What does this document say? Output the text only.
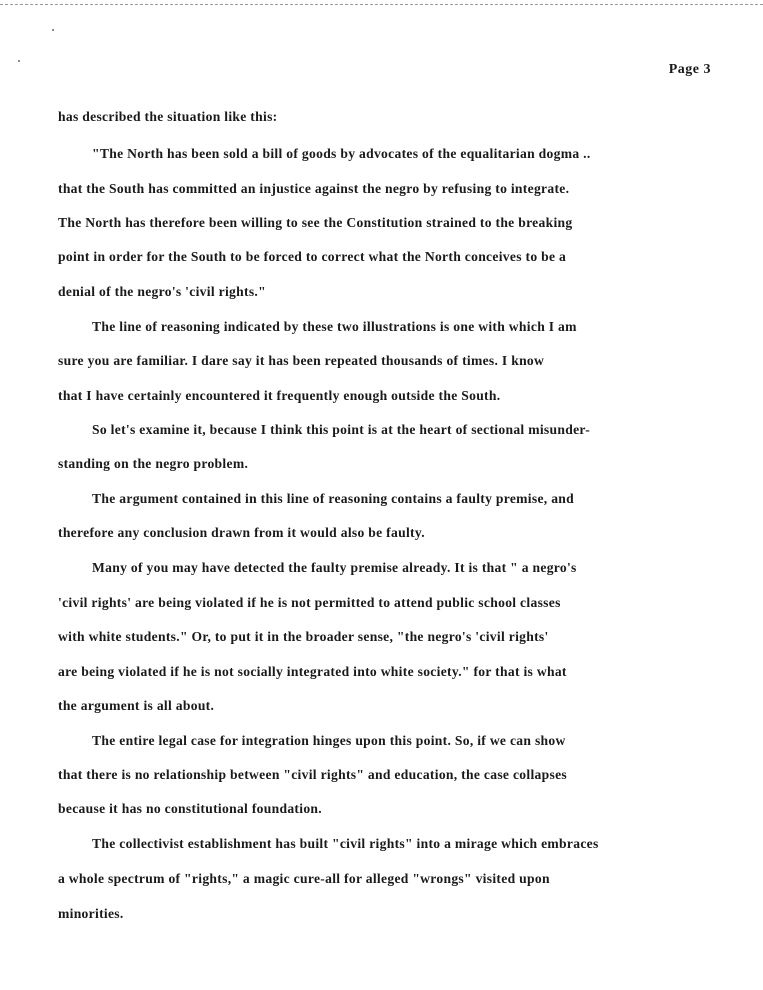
Page 3
has described the situation like this:
"The North has been sold a bill of goods by advocates of the equalitarian dogma ..
that the South has committed an injustice against the negro by refusing to integrate.
The North has therefore been willing to see the Constitution strained to the breaking
point in order for the South to be forced to correct what the North conceives to be a
denial of the negro's 'civil rights."
The line of reasoning indicated by these two illustrations is one with which I am
sure you are familiar. I dare say it has been repeated thousands of times. I know
that I have certainly encountered it frequently enough outside the South.
So let's examine it, because I think this point is at the heart of sectional misunder-
standing on the negro problem.
The argument contained in this line of reasoning contains a faulty premise, and
therefore any conclusion drawn from it would also be faulty.
Many of you may have detected the faulty premise already. It is that " a negro's
'civil rights' are being violated if he is not permitted to attend public school classes
with white students." Or, to put it in the broader sense, "the negro's 'civil rights'
are being violated if he is not socially integrated into white society." for that is what
the argument is all about.
The entire legal case for integration hinges upon this point. So, if we can show
that there is no relationship between "civil rights" and education, the case collapses
because it has no constitutional foundation.
The collectivist establishment has built "civil rights" into a mirage which embraces
a whole spectrum of "rights," a magic cure-all for alleged "wrongs" visited upon
minorities.
